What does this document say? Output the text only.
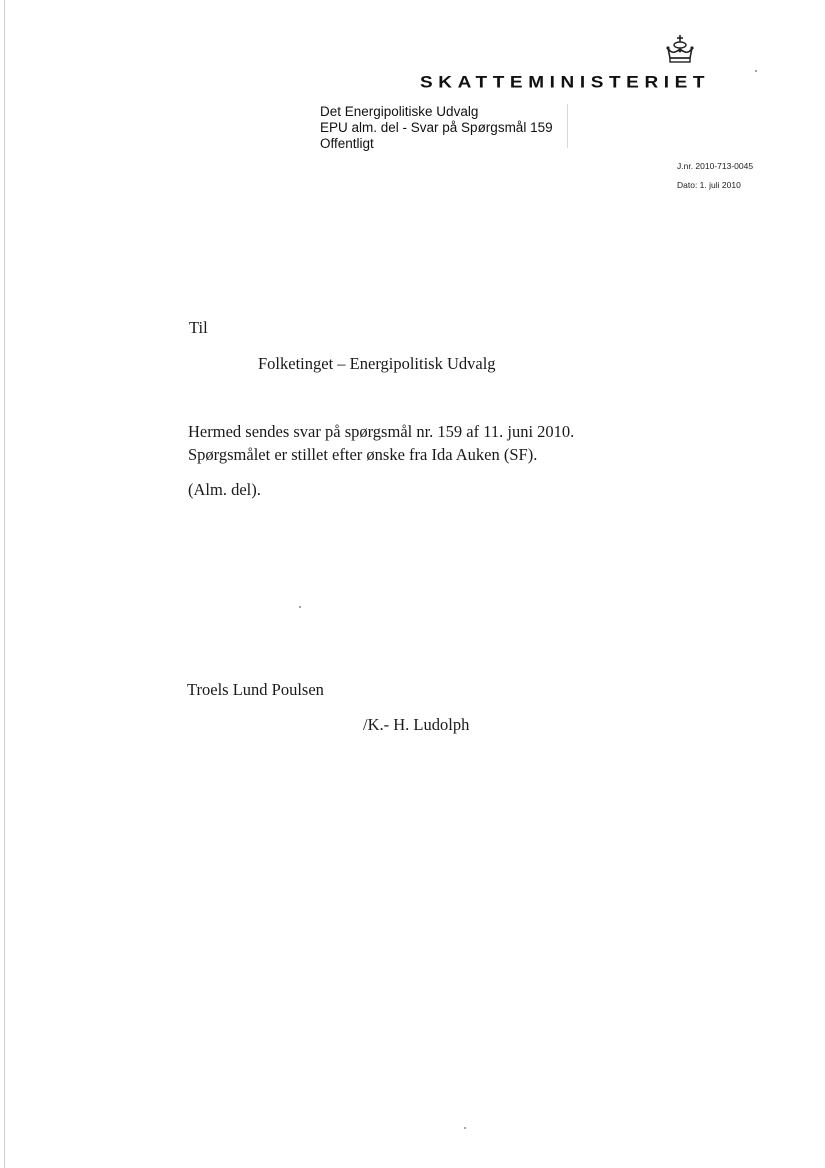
SKATTEMINISTERIET
Det Energipolitiske Udvalg
EPU alm. del - Svar på Spørgsmål 159
Offentligt
J.nr. 2010-713-0045
Dato: 1. juli 2010
Til
Folketinget – Energipolitisk Udvalg
Hermed sendes svar på spørgsmål nr. 159 af 11. juni 2010.
Spørgsmålet er stillet efter ønske fra Ida Auken (SF).
(Alm. del).
Troels Lund Poulsen
/K.- H. Ludolph
